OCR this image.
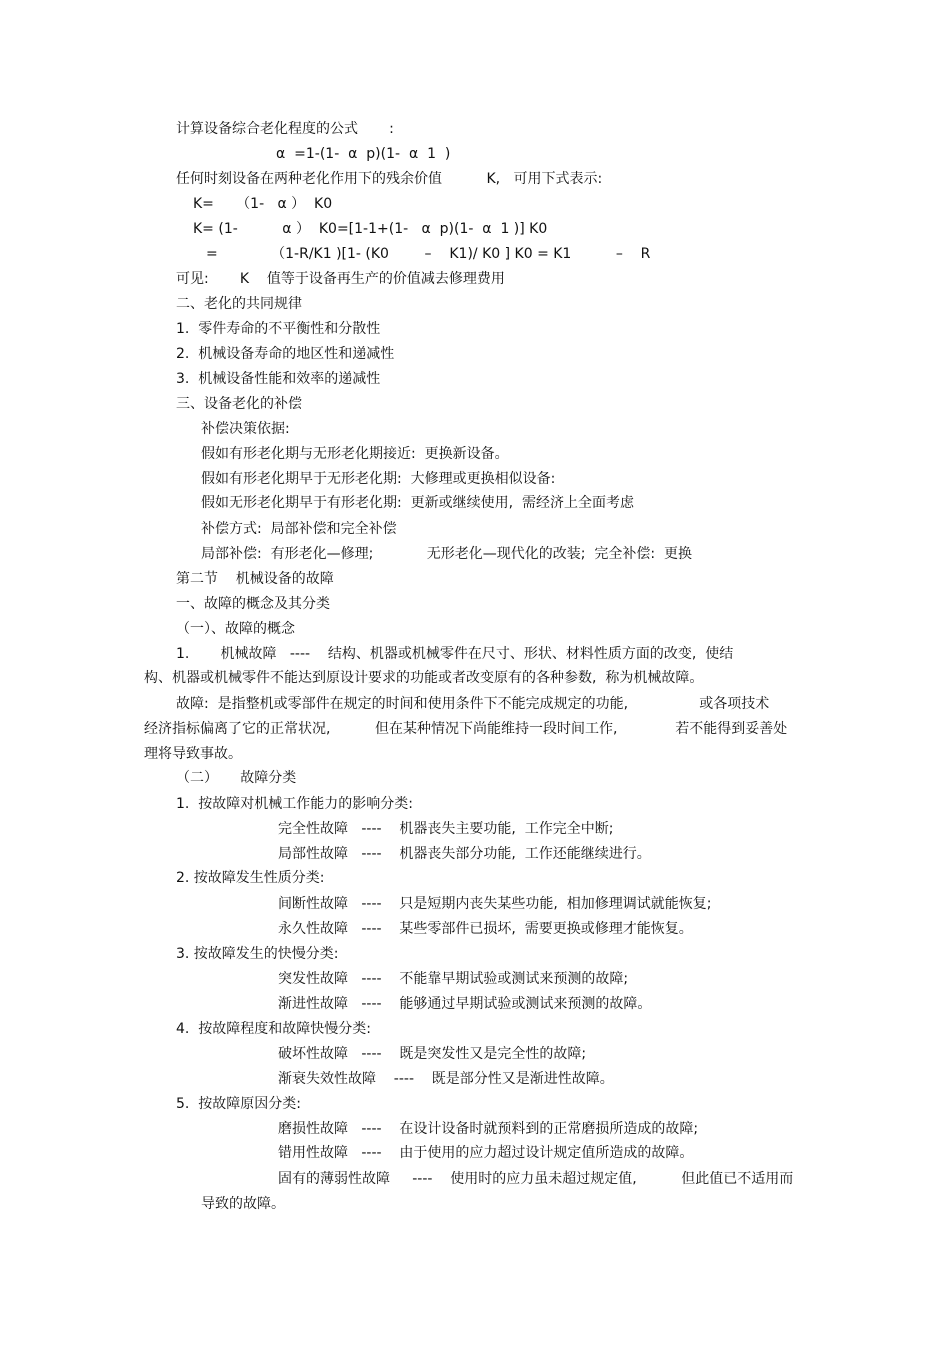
计算设备综合老化程度的公式       :
α  =1-(1-  α  p)(1-  α  1  )
任何时刻设备在两种老化作用下的残余价值          K,   可用下式表示:
K=     （1-   α ）  K0
K= (1-          α ）  K0=[1-1+(1-   α  p)(1-  α  1 )] K0
=            （1-R/K1 )[1- (K0        –    K1)/ K0 ] K0 = K1          –    R
可见:       K    值等于设备再生产的价值减去修理费用
二、老化的共同规律
1.  零件寿命的不平衡性和分散性
2.  机械设备寿命的地区性和递减性
3.  机械设备性能和效率的递减性
三、设备老化的补偿
补偿决策依据:
假如有形老化期与无形老化期接近:  更换新设备。
假如有形老化期早于无形老化期:  大修理或更换相似设备:
假如无形老化期早于有形老化期:  更新或继续使用,  需经济上全面考虑
补偿方式:  局部补偿和完全补偿
局部补偿:  有形老化—修理;            无形老化—现代化的改装;  完全补偿:  更换
第二节    机械设备的故障
一、故障的概念及其分类
（一）、故障的概念
1.       机械故障   ----    结构、机器或机械零件在尺寸、形状、材料性质方面的改变,  使结
构、机器或机械零件不能达到原设计要求的功能或者改变原有的各种参数,  称为机械故障。
故障:  是指整机或零部件在规定的时间和使用条件下不能完成规定的功能,                或各项技术
经济指标偏离了它的正常状况,          但在某种情况下尚能维持一段时间工作,             若不能得到妥善处
理将导致事故。
（二）     故障分类
1.  按故障对机械工作能力的影响分类:
完全性故障   ----    机器丧失主要功能,  工作完全中断;
局部性故障   ----    机器丧失部分功能,  工作还能继续进行。
2. 按故障发生性质分类:
间断性故障   ----    只是短期内丧失某些功能,  相加修理调试就能恢复;
永久性故障   ----    某些零部件已损坏,  需要更换或修理才能恢复。
3. 按故障发生的快慢分类:
突发性故障   ----    不能靠早期试验或测试来预测的故障;
渐进性故障   ----    能够通过早期试验或测试来预测的故障。
4.  按故障程度和故障快慢分类:
破坏性故障   ----    既是突发性又是完全性的故障;
渐衰失效性故障    ----    既是部分性又是渐进性故障。
5.  按故障原因分类:
磨损性故障   ----    在设计设备时就预料到的正常磨损所造成的故障;
错用性故障   ----    由于使用的应力超过设计规定值所造成的故障。
固有的薄弱性故障     ----    使用时的应力虽未超过规定值,          但此值已不适用而
导致的故障。
